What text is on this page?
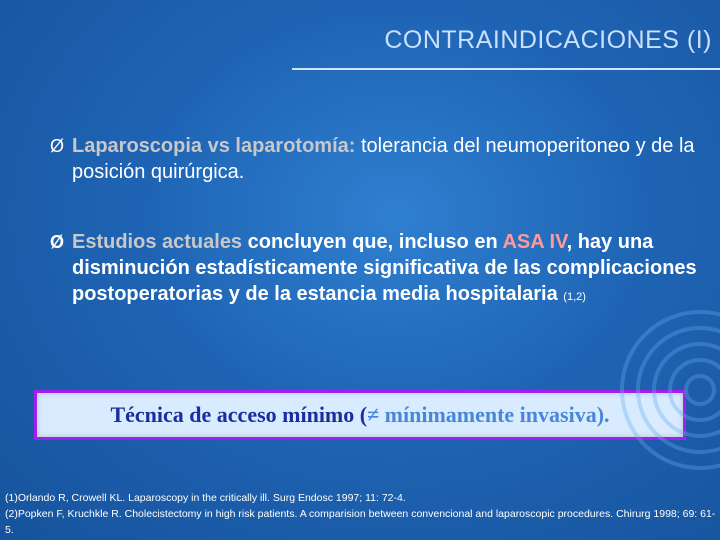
CONTRAINDICACIONES (I)
Ø Laparoscopia vs laparotomía: tolerancia del neumoperitoneo y de la posición quirúrgica.
Ø Estudios actuales concluyen que, incluso en ASA IV, hay una disminución estadísticamente significativa de las complicaciones postoperatorias y de la estancia media hospitalaria (1,2)
Técnica de acceso mínimo ( ≠ mínimamente invasiva).
(1)Orlando R, Crowell KL. Laparoscopy in the critically ill. Surg Endosc 1997; 11: 72-4.
(2)Popken F, Kruchkle R. Cholecistectomy in high risk patients. A comparision between convencional and laparoscopic procedures. Chirurg 1998; 69: 61-5.
